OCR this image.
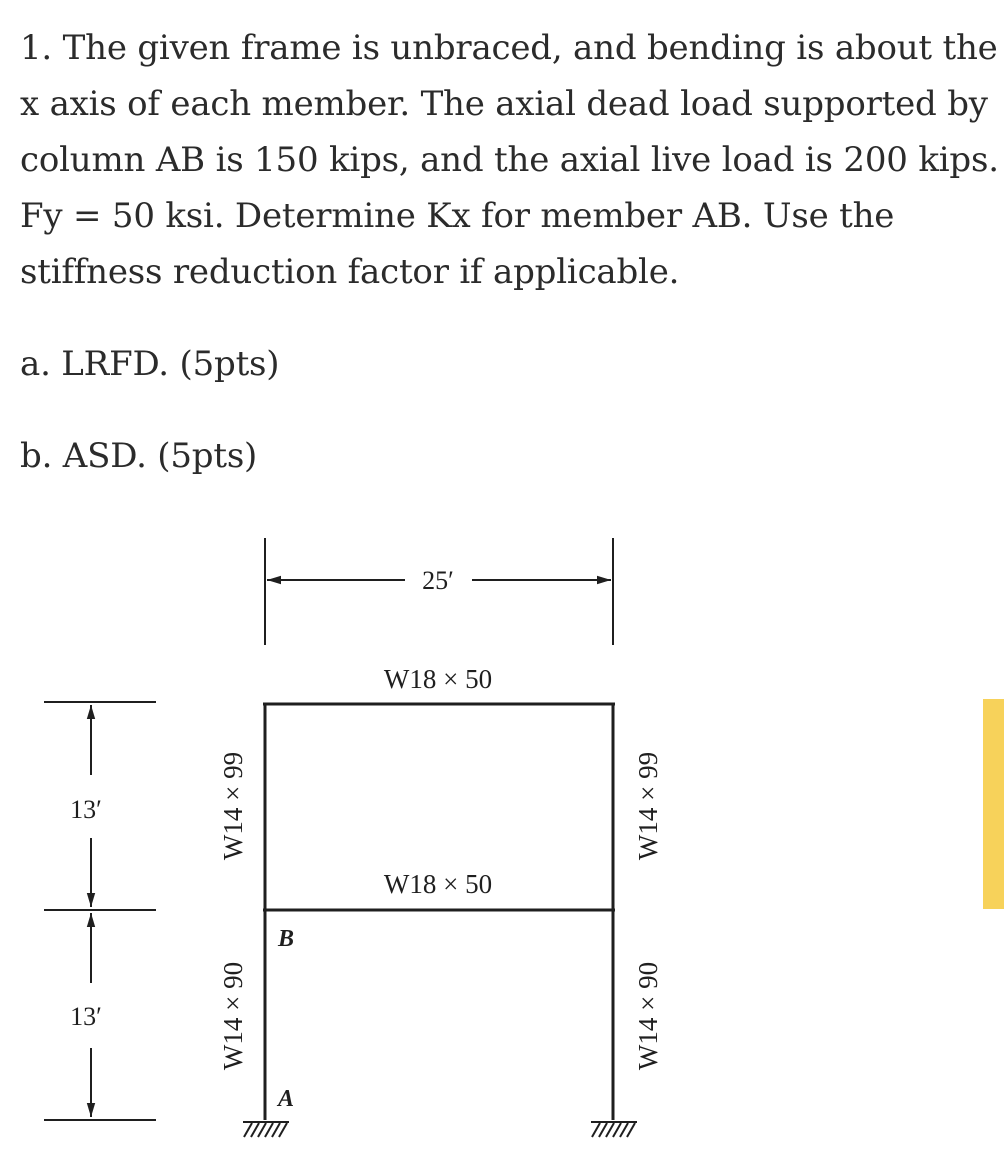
1. The given frame is unbraced, and bending is about the x axis of each member. The axial dead load supported by column AB is 150 kips, and the axial live load is 200 kips. Fy = 50 ksi. Determine Kx for member AB. Use the stiffness reduction factor if applicable.

a. LRFD. (5pts)

b. ASD. (5pts)

25′
W18 × 50
W18 × 50
W14 × 99
W14 × 90
W14 × 99
W14 × 90
B
A
13′
13′
